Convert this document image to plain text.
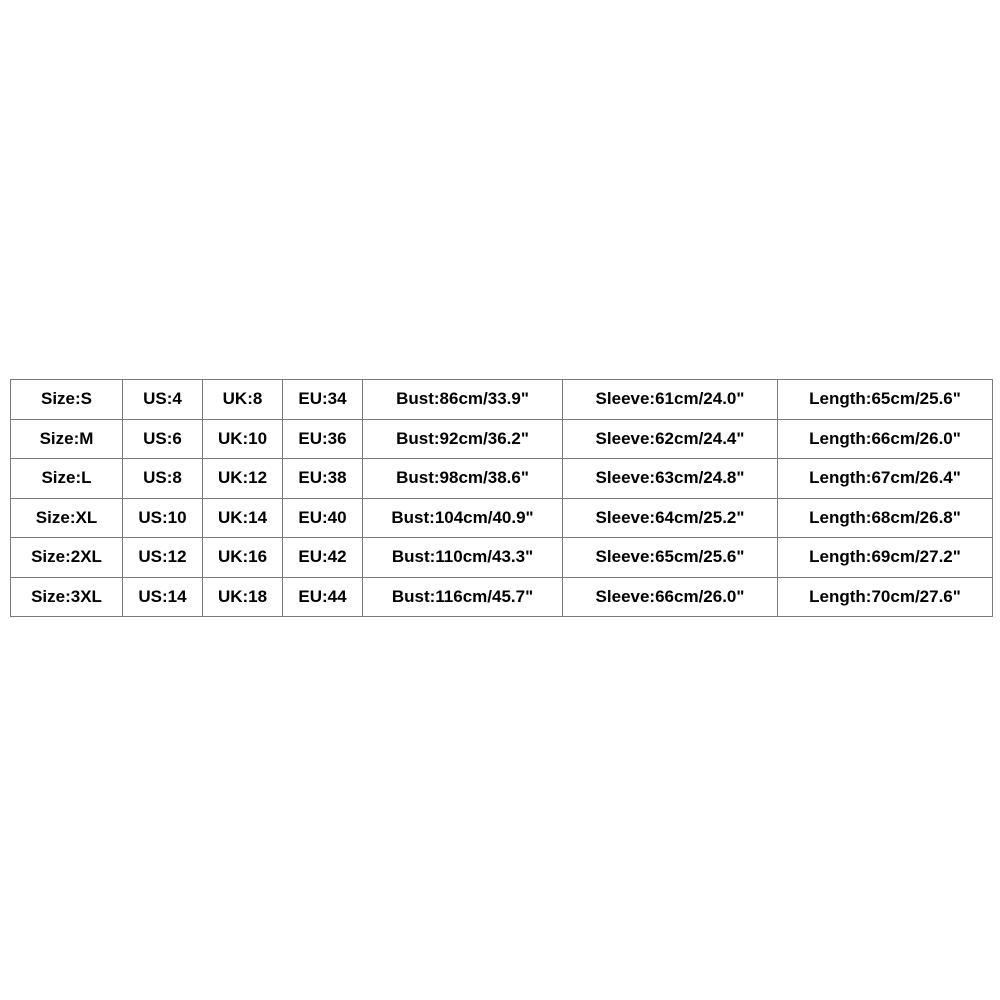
Size:S	US:4	UK:8	EU:34	Bust:86cm/33.9"	Sleeve:61cm/24.0"	Length:65cm/25.6"
Size:M	US:6	UK:10	EU:36	Bust:92cm/36.2"	Sleeve:62cm/24.4"	Length:66cm/26.0"
Size:L	US:8	UK:12	EU:38	Bust:98cm/38.6"	Sleeve:63cm/24.8"	Length:67cm/26.4"
Size:XL	US:10	UK:14	EU:40	Bust:104cm/40.9"	Sleeve:64cm/25.2"	Length:68cm/26.8"
Size:2XL	US:12	UK:16	EU:42	Bust:110cm/43.3"	Sleeve:65cm/25.6"	Length:69cm/27.2"
Size:3XL	US:14	UK:18	EU:44	Bust:116cm/45.7"	Sleeve:66cm/26.0"	Length:70cm/27.6"
